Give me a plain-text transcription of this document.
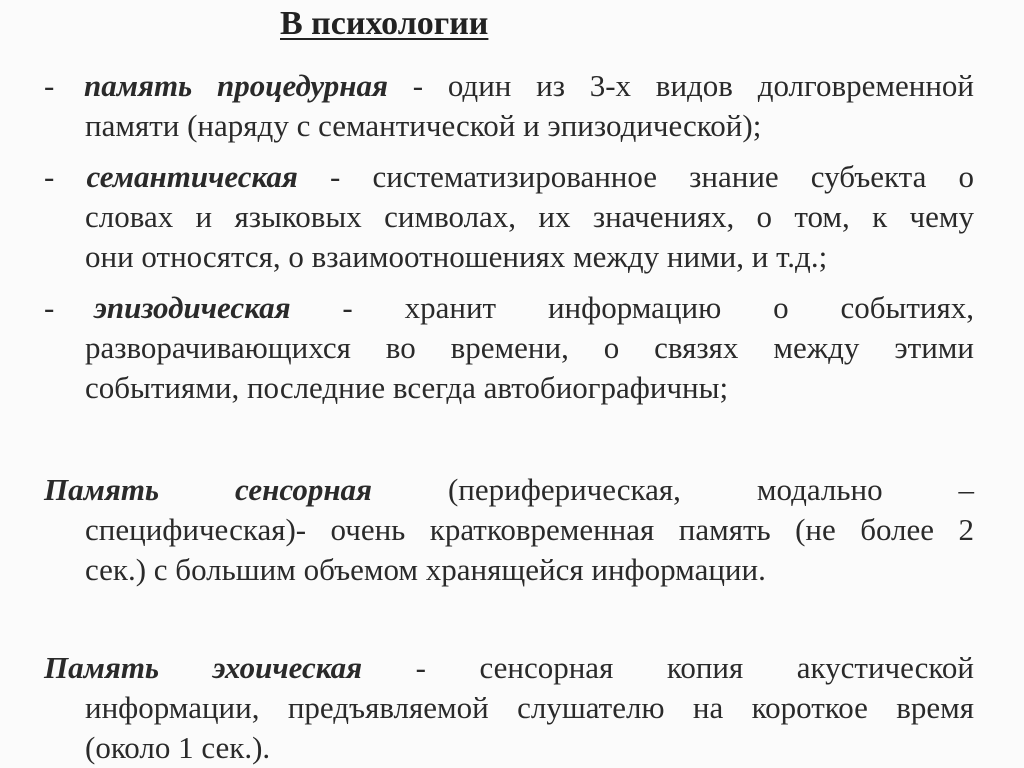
В психологии
- память процедурная - один из 3-х видов долговременной
памяти (наряду с семантической и эпизодической);
- семантическая - систематизированное знание субъекта о
словах и языковых символах, их значениях, о том, к чему
они относятся, о взаимоотношениях между ними, и т.д.;
- эпизодическая - хранит информацию о событиях,
разворачивающихся во времени, о связях между этими
событиями, последние всегда автобиографичны;
Память сенсорная (периферическая, модально –
специфическая)- очень кратковременная память (не более 2
сек.) с большим объемом хранящейся информации.
Память эхоическая - сенсорная копия акустической
информации, предъявляемой слушателю на короткое время
(около 1 сек.).
